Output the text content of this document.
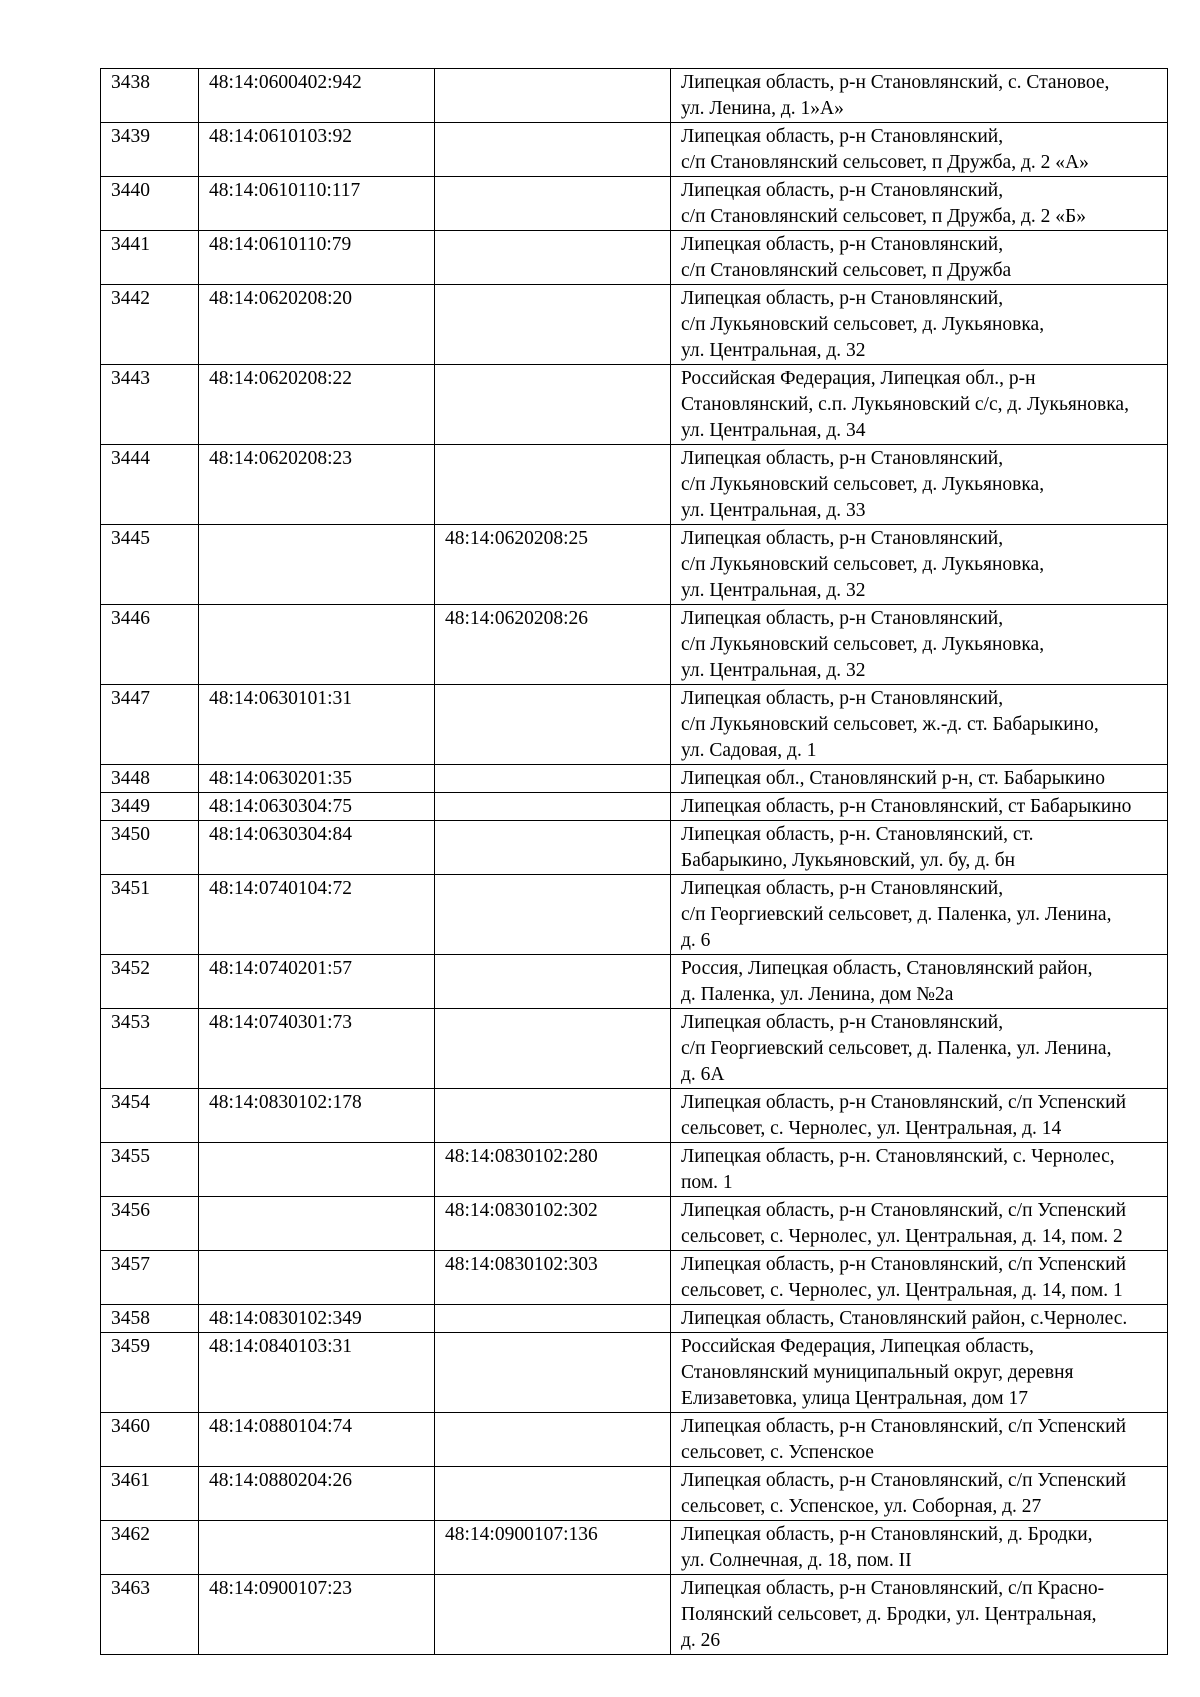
3438	48:14:0600402:942		Липецкая область, р-н Становлянский, с. Становое,
ул. Ленина, д. 1»А»

3439	48:14:0610103:92		Липецкая область, р-н Становлянский,
с/п Становлянский сельсовет, п Дружба, д. 2 «А»

3440	48:14:0610110:117		Липецкая область, р-н Становлянский,
с/п Становлянский сельсовет, п Дружба, д. 2 «Б»

3441	48:14:0610110:79		Липецкая область, р-н Становлянский,
с/п Становлянский сельсовет, п Дружба

3442	48:14:0620208:20		Липецкая область, р-н Становлянский,
с/п Лукьяновский сельсовет, д. Лукьяновка,
ул. Центральная, д. 32

3443	48:14:0620208:22		Российская Федерация, Липецкая обл., р-н
Становлянский, с.п. Лукьяновский с/с, д. Лукьяновка,
ул. Центральная, д. 34

3444	48:14:0620208:23		Липецкая область, р-н Становлянский,
с/п Лукьяновский сельсовет, д. Лукьяновка,
ул. Центральная, д. 33

3445		48:14:0620208:25	Липецкая область, р-н Становлянский,
с/п Лукьяновский сельсовет, д. Лукьяновка,
ул. Центральная, д. 32

3446		48:14:0620208:26	Липецкая область, р-н Становлянский,
с/п Лукьяновский сельсовет, д. Лукьяновка,
ул. Центральная, д. 32

3447	48:14:0630101:31		Липецкая область, р-н Становлянский,
с/п Лукьяновский сельсовет, ж.-д. ст. Бабарыкино,
ул. Садовая, д. 1

3448	48:14:0630201:35		Липецкая обл., Становлянский р-н, ст. Бабарыкино

3449	48:14:0630304:75		Липецкая область, р-н Становлянский, ст Бабарыкино

3450	48:14:0630304:84		Липецкая область, р-н. Становлянский, ст.
Бабарыкино, Лукьяновский, ул. бу, д. бн

3451	48:14:0740104:72		Липецкая область, р-н Становлянский,
с/п Георгиевский сельсовет, д. Паленка, ул. Ленина,
д. 6

3452	48:14:0740201:57		Россия, Липецкая область, Становлянский район,
д. Паленка, ул. Ленина, дом №2а

3453	48:14:0740301:73		Липецкая область, р-н Становлянский,
с/п Георгиевский сельсовет, д. Паленка, ул. Ленина,
д. 6А

3454	48:14:0830102:178		Липецкая область, р-н Становлянский, с/п Успенский
сельсовет, с. Чернолес, ул. Центральная, д. 14

3455		48:14:0830102:280	Липецкая область, р-н. Становлянский, с. Чернолес,
пом. 1

3456		48:14:0830102:302	Липецкая область, р-н Становлянский, с/п Успенский
сельсовет, с. Чернолес, ул. Центральная, д. 14, пом. 2

3457		48:14:0830102:303	Липецкая область, р-н Становлянский, с/п Успенский
сельсовет, с. Чернолес, ул. Центральная, д. 14, пом. 1

3458	48:14:0830102:349		Липецкая область, Становлянский район, с.Чернолес.

3459	48:14:0840103:31		Российская Федерация, Липецкая область,
Становлянский муниципальный округ, деревня
Елизаветовка, улица Центральная, дом 17

3460	48:14:0880104:74		Липецкая область, р-н Становлянский, с/п Успенский
сельсовет, с. Успенское

3461	48:14:0880204:26		Липецкая область, р-н Становлянский, с/п Успенский
сельсовет, с. Успенское, ул. Соборная, д. 27

3462		48:14:0900107:136	Липецкая область, р-н Становлянский, д. Бродки,
ул. Солнечная, д. 18, пом. II

3463	48:14:0900107:23		Липецкая область, р-н Становлянский, с/п Красно-
Полянский сельсовет, д. Бродки, ул. Центральная,
д. 26
